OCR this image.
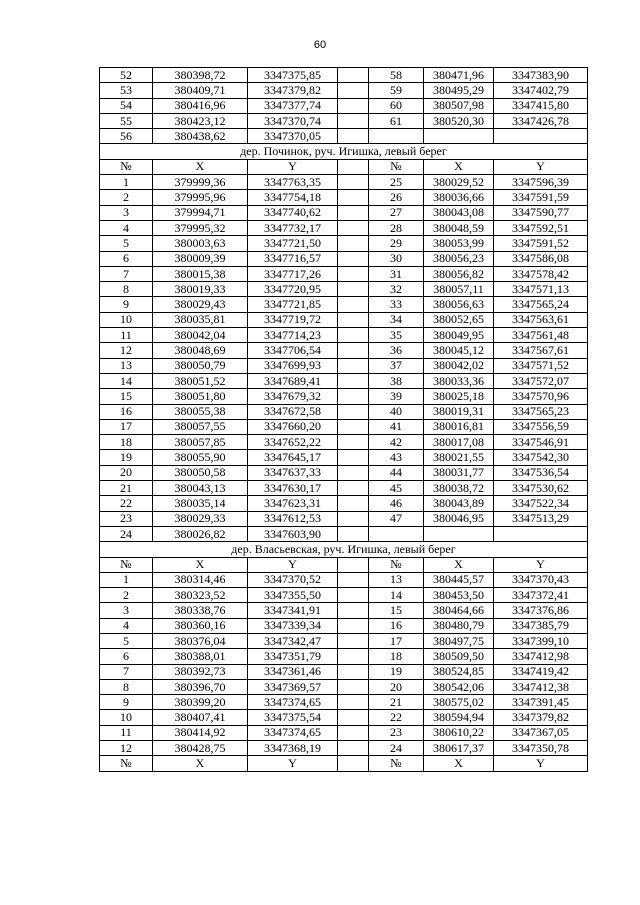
60
52	380398,72	3347375,85		58	380471,96	3347383,90
53	380409,71	3347379,82		59	380495,29	3347402,79
54	380416,96	3347377,74		60	380507,98	3347415,80
55	380423,12	3347370,74		61	380520,30	3347426,78
56	380438,62	3347370,05				
дер. Починок, руч. Игишка, левый берег						
№	X	Y		№	X	Y
1	379999,36	3347763,35		25	380029,52	3347596,39
2	379995,96	3347754,18		26	380036,66	3347591,59
3	379994,71	3347740,62		27	380043,08	3347590,77
4	379995,32	3347732,17		28	380048,59	3347592,51
5	380003,63	3347721,50		29	380053,99	3347591,52
6	380009,39	3347716,57		30	380056,23	3347586,08
7	380015,38	3347717,26		31	380056,82	3347578,42
8	380019,33	3347720,95		32	380057,11	3347571,13
9	380029,43	3347721,85		33	380056,63	3347565,24
10	380035,81	3347719,72		34	380052,65	3347563,61
11	380042,04	3347714,23		35	380049,95	3347561,48
12	380048,69	3347706,54		36	380045,12	3347567,61
13	380050,79	3347699,93		37	380042,02	3347571,52
14	380051,52	3347689,41		38	380033,36	3347572,07
15	380051,80	3347679,32		39	380025,18	3347570,96
16	380055,38	3347672,58		40	380019,31	3347565,23
17	380057,55	3347660,20		41	380016,81	3347556,59
18	380057,85	3347652,22		42	380017,08	3347546,91
19	380055,90	3347645,17		43	380021,55	3347542,30
20	380050,58	3347637,33		44	380031,77	3347536,54
21	380043,13	3347630,17		45	380038,72	3347530,62
22	380035,14	3347623,31		46	380043,89	3347522,34
23	380029,33	3347612,53		47	380046,95	3347513,29
24	380026,82	3347603,90				
дер. Власьевская, руч. Игишка, левый берег						
№	X	Y		№	X	Y
1	380314,46	3347370,52		13	380445,57	3347370,43
2	380323,52	3347355,50		14	380453,50	3347372,41
3	380338,76	3347341,91		15	380464,66	3347376,86
4	380360,16	3347339,34		16	380480,79	3347385,79
5	380376,04	3347342,47		17	380497,75	3347399,10
6	380388,01	3347351,79		18	380509,50	3347412,98
7	380392,73	3347361,46		19	380524,85	3347419,42
8	380396,70	3347369,57		20	380542,06	3347412,38
9	380399,20	3347374,65		21	380575,02	3347391,45
10	380407,41	3347375,54		22	380594,94	3347379,82
11	380414,92	3347374,65		23	380610,22	3347367,05
12	380428,75	3347368,19		24	380617,37	3347350,78
№	X	Y		№	X	Y
